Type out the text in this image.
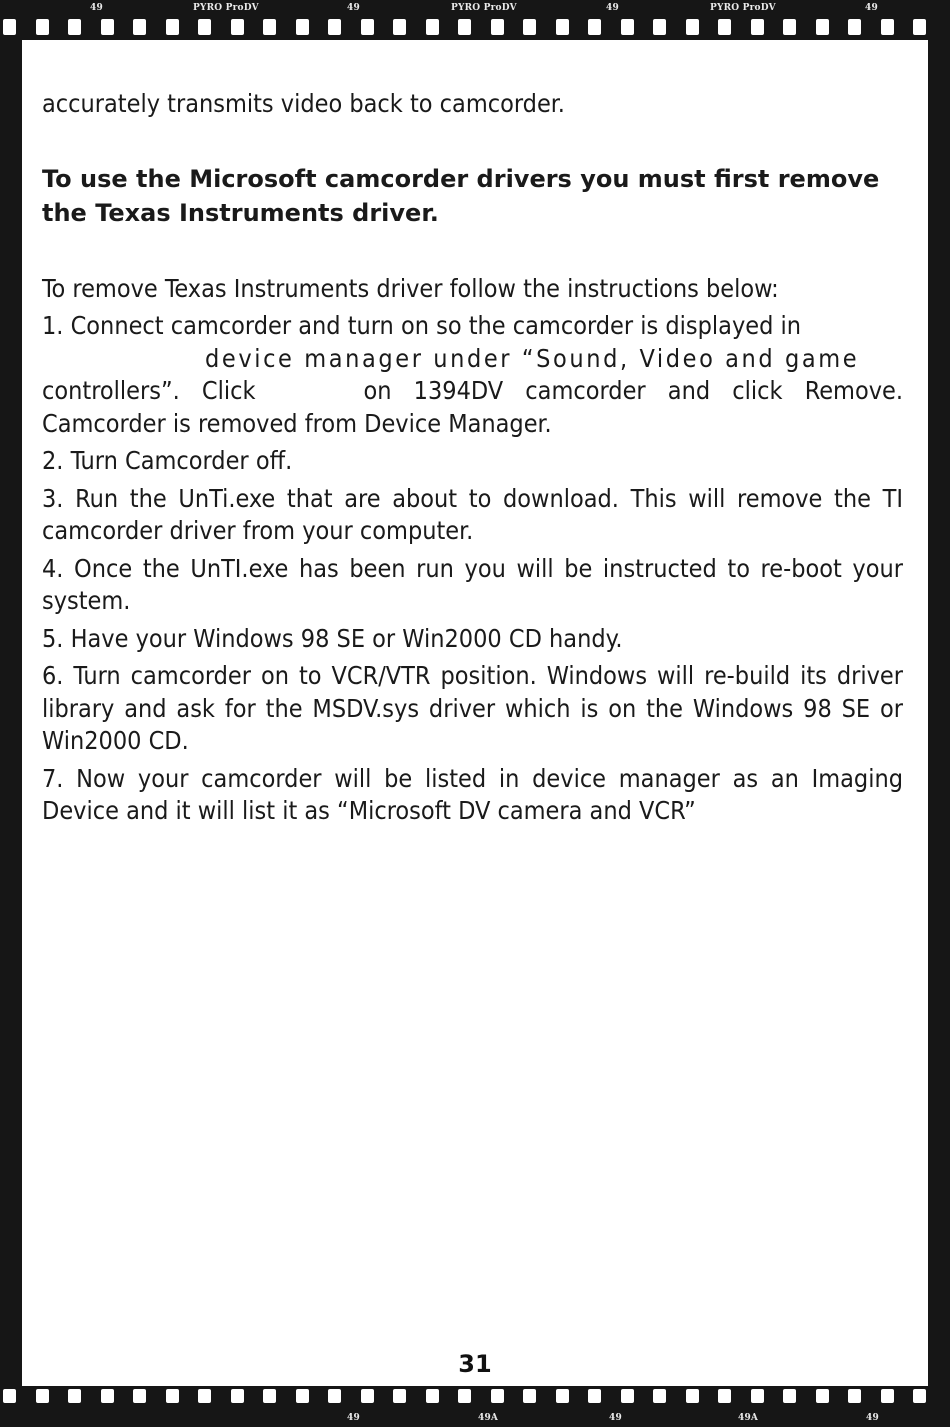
49	PYRO ProDV	49	PYRO ProDV	49	PYRO ProDV	49
49	49A	49	49A	49

accurately transmits video back to camcorder.

To use the Microsoft camcorder drivers you must first remove the Texas Instruments driver.

To remove Texas Instruments driver follow the instructions below:

1. Connect camcorder and turn on so the camcorder is displayed in
device manager under “Sound, Video and game
controllers”. Click	on 1394DV camcorder and click Remove. Camcorder is removed from Device Manager.

2. Turn Camcorder off.

3. Run the UnTi.exe that are about to download. This will remove the TI camcorder driver from your computer.

4. Once the UnTI.exe has been run you will be instructed to re-boot your system.

5. Have your Windows 98 SE or Win2000 CD handy.

6. Turn camcorder on to VCR/VTR position. Windows will re-build its driver library and ask for the MSDV.sys driver which is on the Windows 98 SE or Win2000 CD.

7. Now your camcorder will be listed in device manager as an Imaging Device and it will list it as “Microsoft DV camera and VCR”

31
